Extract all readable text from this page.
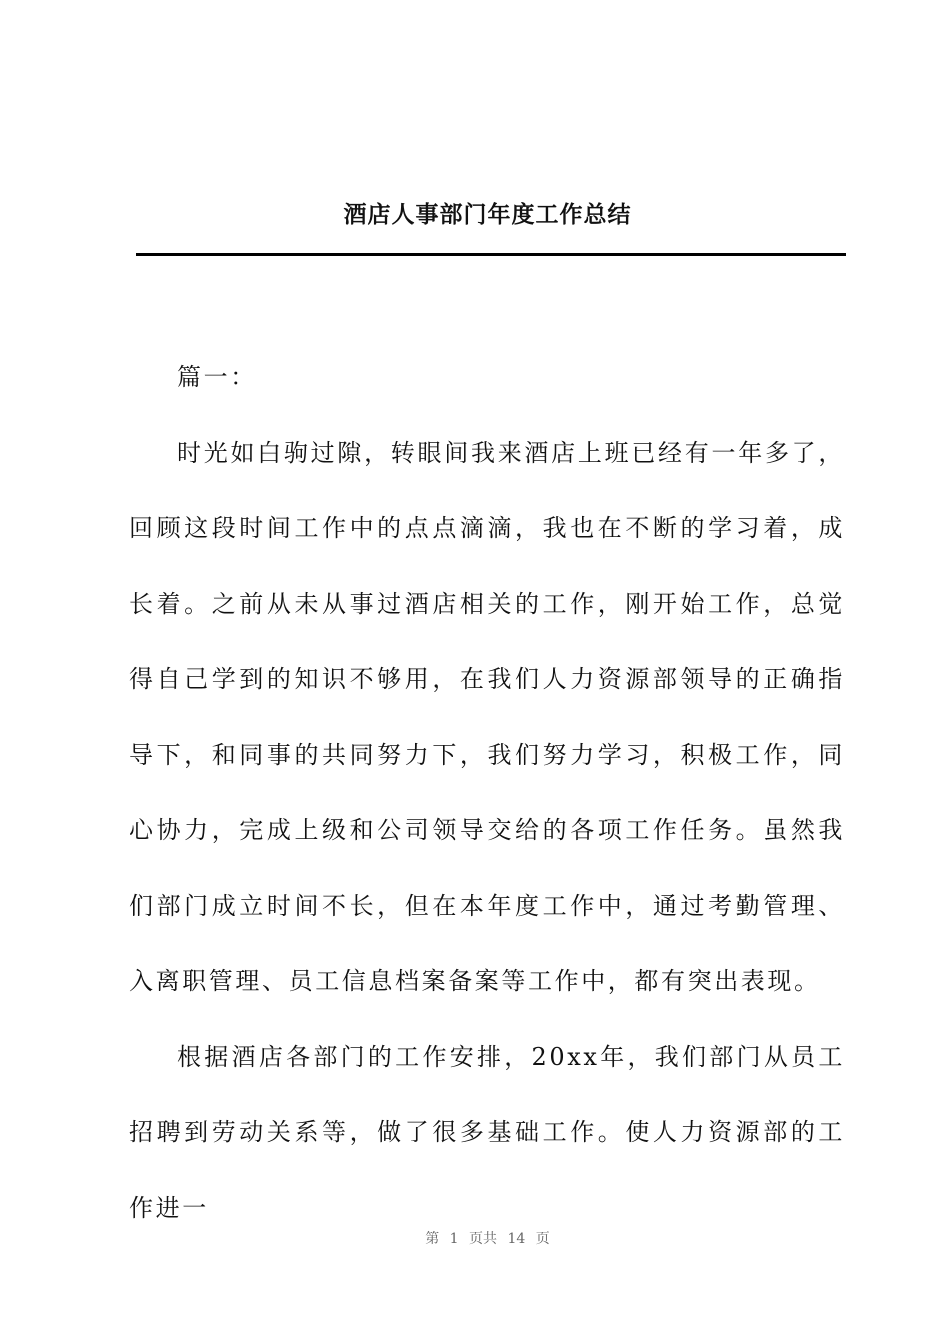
酒店人事部门年度工作总结

篇一：

时光如白驹过隙，转眼间我来酒店上班已经有一年多了，回顾这段时间工作中的点点滴滴，我也在不断的学习着，成长着。之前从未从事过酒店相关的工作，刚开始工作，总觉得自己学到的知识不够用，在我们人力资源部领导的正确指导下，和同事的共同努力下，我们努力学习，积极工作，同心协力，完成上级和公司领导交给的各项工作任务。虽然我们部门成立时间不长，但在本年度工作中，通过考勤管理、入离职管理、员工信息档案备案等工作中，都有突出表现。

根据酒店各部门的工作安排，20xx年，我们部门从员工招聘到劳动关系等，做了很多基础工作。使人力资源部的工作进一

第 1 页共 14 页
